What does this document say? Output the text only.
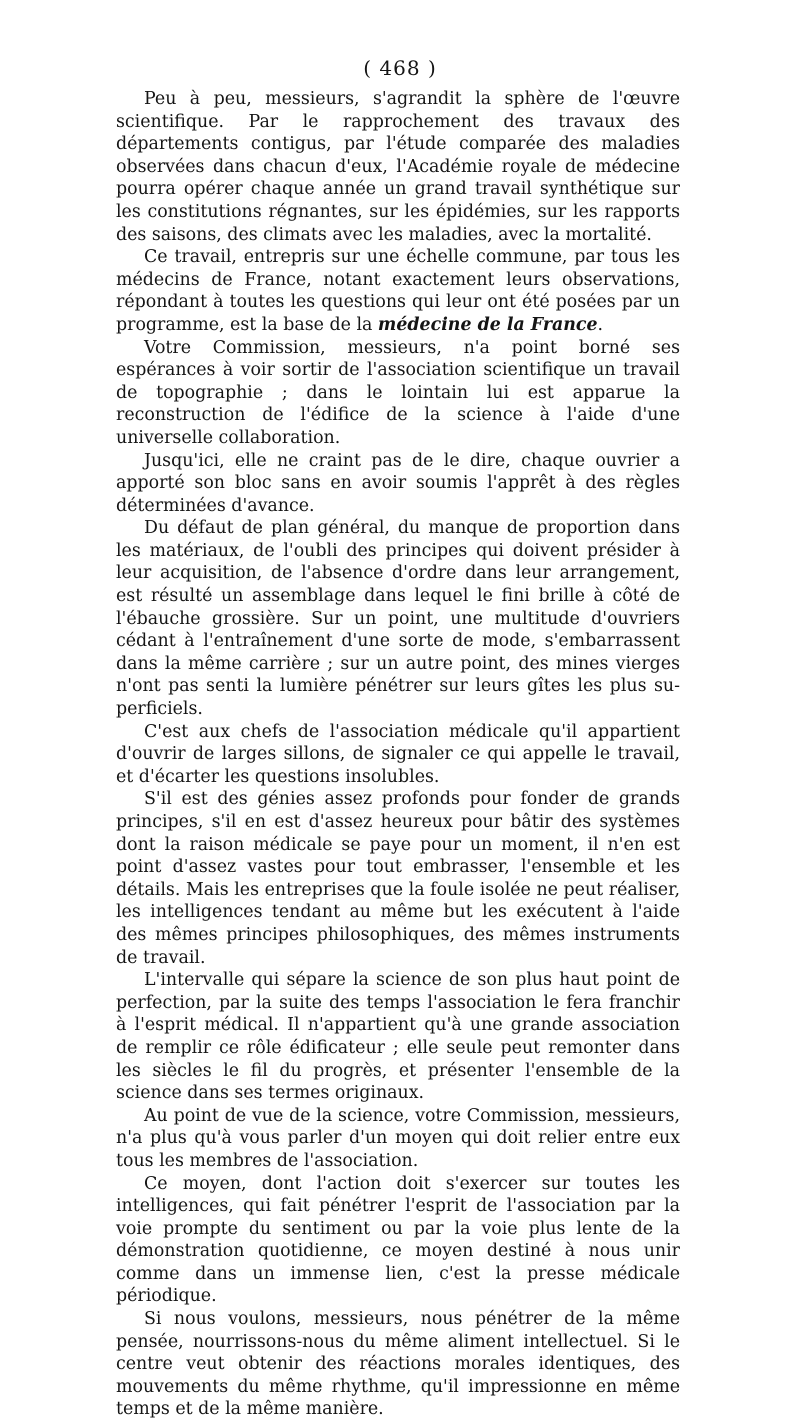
( 468 )

Peu à peu, messieurs, s'agrandit la sphère de l'œuvre scientifique. Par le rapprochement des travaux des départements contigus, par l'étude comparée des maladies observées dans chacun d'eux, l'Académie royale de médecine pourra opérer chaque année un grand travail synthétique sur les constitutions régnantes, sur les épidémies, sur les rapports des saisons, des climats avec les maladies, avec la mortalité.

Ce travail, entrepris sur une échelle commune, par tous les médecins de France, notant exactement leurs observations, répondant à toutes les questions qui leur ont été posées par un programme, est la base de la médecine de la France.

Votre Commission, messieurs, n'a point borné ses espérances à voir sortir de l'association scientifique un travail de topographie ; dans le lointain lui est apparue la reconstruction de l'édifice de la science à l'aide d'une universelle collaboration.

Jusqu'ici, elle ne craint pas de le dire, chaque ouvrier a apporté son bloc sans en avoir soumis l'apprêt à des règles déterminées d'avance.

Du défaut de plan général, du manque de proportion dans les matériaux, de l'oubli des principes qui doivent présider à leur acquisition, de l'absence d'ordre dans leur arrangement, est résulté un assemblage dans lequel le fini brille à côté de l'ébauche grossière. Sur un point, une multitude d'ouvriers cédant à l'entraînement d'une sorte de mode, s'embarrassent dans la même carrière ; sur un autre point, des mines vierges n'ont pas senti la lumière pénétrer sur leurs gîtes les plus superficiels.

C'est aux chefs de l'association médicale qu'il appartient d'ouvrir de larges sillons, de signaler ce qui appelle le travail, et d'écarter les questions insolubles.

S'il est des génies assez profonds pour fonder de grands principes, s'il en est d'assez heureux pour bâtir des systèmes dont la raison médicale se paye pour un moment, il n'en est point d'assez vastes pour tout embrasser, l'ensemble et les détails. Mais les entreprises que la foule isolée ne peut réaliser, les intelligences tendant au même but les exécutent à l'aide des mêmes principes philosophiques, des mêmes instruments de travail.

L'intervalle qui sépare la science de son plus haut point de perfection, par la suite des temps l'association le fera franchir à l'esprit médical. Il n'appartient qu'à une grande association de remplir ce rôle édificateur ; elle seule peut remonter dans les siècles le fil du progrès, et présenter l'ensemble de la science dans ses termes originaux.

Au point de vue de la science, votre Commission, messieurs, n'a plus qu'à vous parler d'un moyen qui doit relier entre eux tous les membres de l'association.

Ce moyen, dont l'action doit s'exercer sur toutes les intelligences, qui fait pénétrer l'esprit de l'association par la voie prompte du sentiment ou par la voie plus lente de la démonstration quotidienne, ce moyen destiné à nous unir comme dans un immense lien, c'est la presse médicale périodique.

Si nous voulons, messieurs, nous pénétrer de la même pensée, nourrissons-nous du même aliment intellectuel. Si le centre veut obtenir des réactions morales identiques, des mouvements du même rhythme, qu'il impressionne en même temps et de la même manière.
